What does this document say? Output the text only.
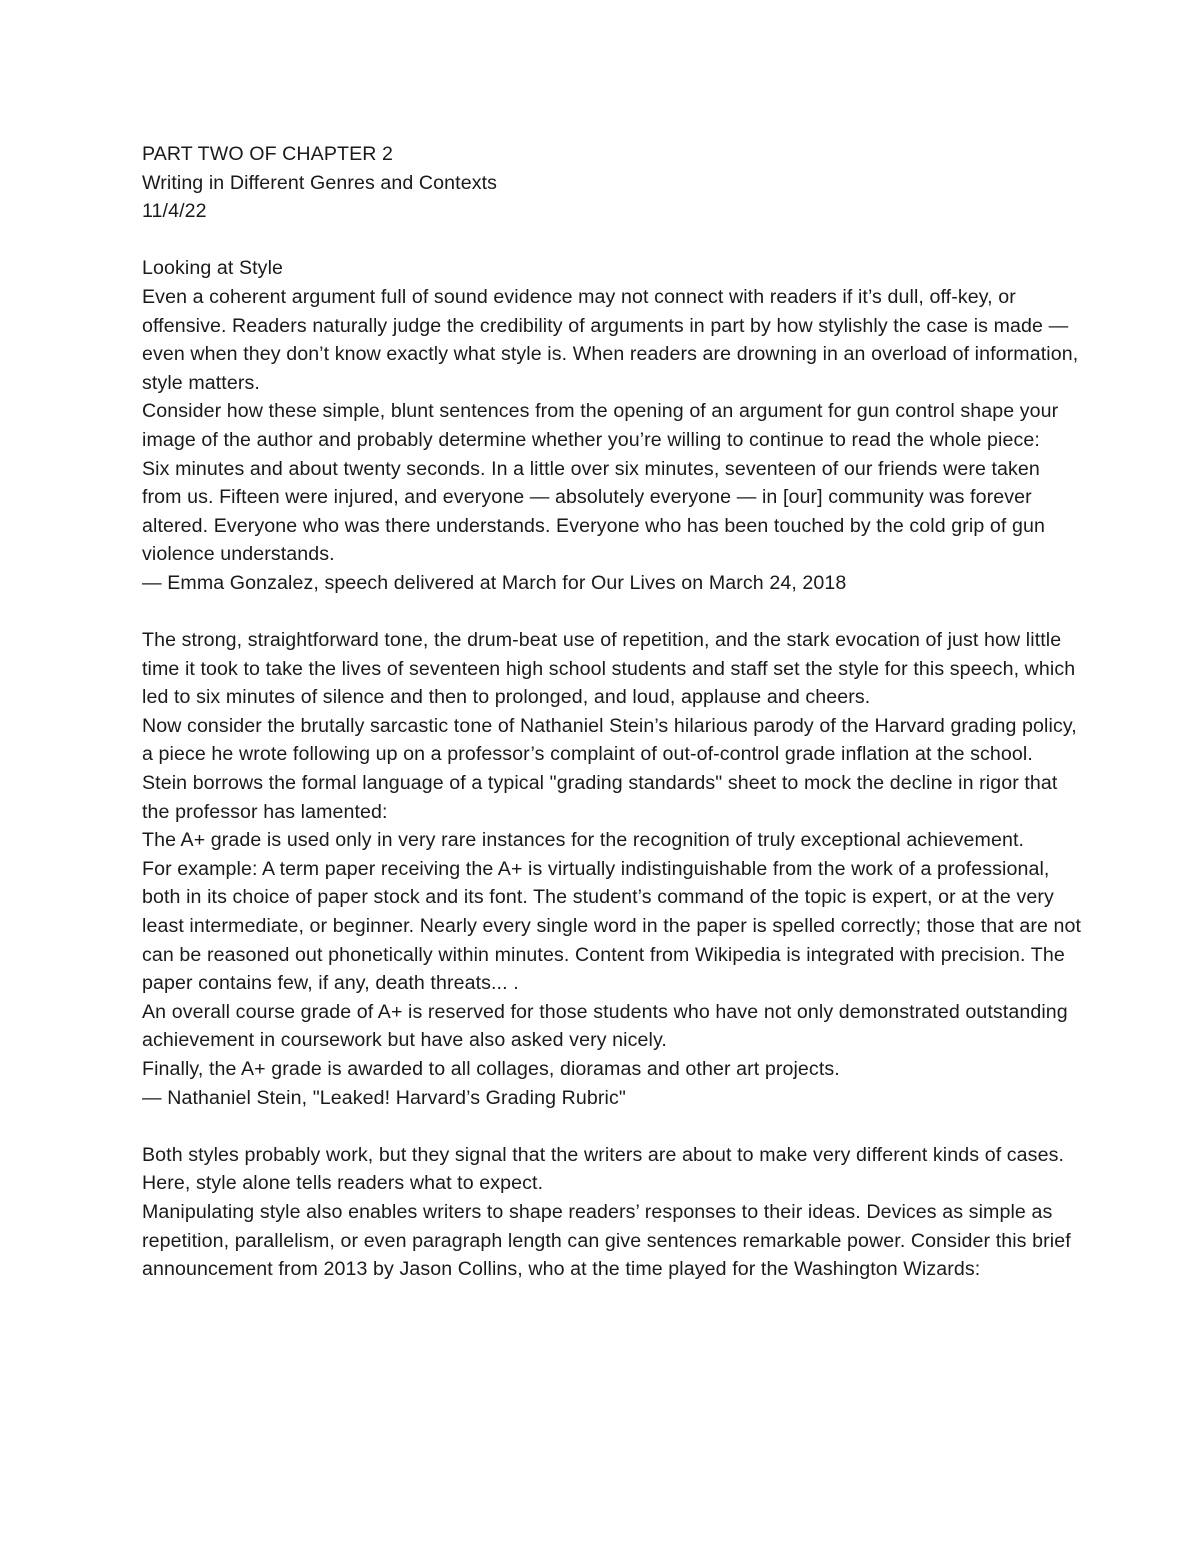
PART TWO OF CHAPTER 2

Writing in Different Genres and Contexts

11/4/22

Looking at Style

Even a coherent argument full of sound evidence may not connect with readers if it’s dull, off-key, or offensive. Readers naturally judge the credibility of arguments in part by how stylishly the case is made — even when they don’t know exactly what style is. When readers are drowning in an overload of information, style matters.

Consider how these simple, blunt sentences from the opening of an argument for gun control shape your image of the author and probably determine whether you’re willing to continue to read the whole piece:

Six minutes and about twenty seconds. In a little over six minutes, seventeen of our friends were taken from us. Fifteen were injured, and everyone — absolutely everyone — in [our] community was forever altered. Everyone who was there understands. Everyone who has been touched by the cold grip of gun violence understands.

— Emma Gonzalez, speech delivered at March for Our Lives on March 24, 2018

The strong, straightforward tone, the drum-beat use of repetition, and the stark evocation of just how little time it took to take the lives of seventeen high school students and staff set the style for this speech, which led to six minutes of silence and then to prolonged, and loud, applause and cheers.

Now consider the brutally sarcastic tone of Nathaniel Stein’s hilarious parody of the Harvard grading policy, a piece he wrote following up on a professor’s complaint of out-of-control grade inflation at the school. Stein borrows the formal language of a typical "grading standards" sheet to mock the decline in rigor that the professor has lamented:

The A+ grade is used only in very rare instances for the recognition of truly exceptional achievement.

For example: A term paper receiving the A+ is virtually indistinguishable from the work of a professional, both in its choice of paper stock and its font. The student’s command of the topic is expert, or at the very least intermediate, or beginner. Nearly every single word in the paper is spelled correctly; those that are not can be reasoned out phonetically within minutes. Content from Wikipedia is integrated with precision. The paper contains few, if any, death threats... .

An overall course grade of A+ is reserved for those students who have not only demonstrated outstanding achievement in coursework but have also asked very nicely.

Finally, the A+ grade is awarded to all collages, dioramas and other art projects.

— Nathaniel Stein, "Leaked! Harvard’s Grading Rubric"

Both styles probably work, but they signal that the writers are about to make very different kinds of cases. Here, style alone tells readers what to expect.

Manipulating style also enables writers to shape readers’ responses to their ideas. Devices as simple as repetition, parallelism, or even paragraph length can give sentences remarkable power. Consider this brief announcement from 2013 by Jason Collins, who at the time played for the Washington Wizards:
